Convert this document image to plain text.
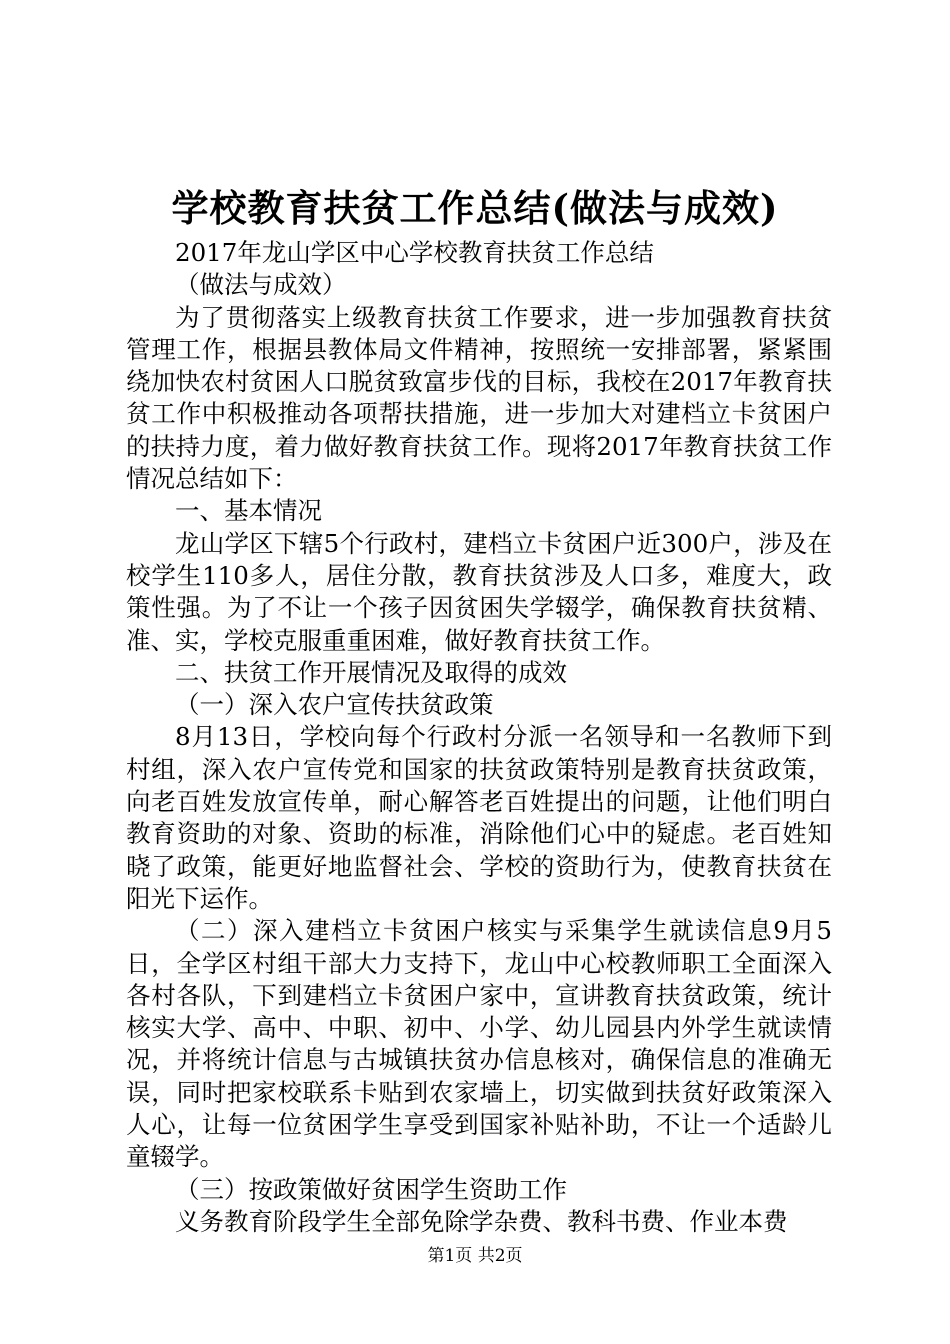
学校教育扶贫工作总结(做法与成效)

2017年龙山学区中心学校教育扶贫工作总结

（做法与成效）

为了贯彻落实上级教育扶贫工作要求，进一步加强教育扶贫管理工作，根据县教体局文件精神，按照统一安排部署，紧紧围绕加快农村贫困人口脱贫致富步伐的目标，我校在2017年教育扶贫工作中积极推动各项帮扶措施，进一步加大对建档立卡贫困户的扶持力度，着力做好教育扶贫工作。现将2017年教育扶贫工作情况总结如下：

一、基本情况

龙山学区下辖5个行政村，建档立卡贫困户近300户，涉及在校学生110多人，居住分散，教育扶贫涉及人口多，难度大，政策性强。为了不让一个孩子因贫困失学辍学，确保教育扶贫精、准、实，学校克服重重困难，做好教育扶贫工作。

二、扶贫工作开展情况及取得的成效

（一）深入农户宣传扶贫政策

8月13日，学校向每个行政村分派一名领导和一名教师下到村组，深入农户宣传党和国家的扶贫政策特别是教育扶贫政策，向老百姓发放宣传单，耐心解答老百姓提出的问题，让他们明白教育资助的对象、资助的标准，消除他们心中的疑虑。老百姓知晓了政策，能更好地监督社会、学校的资助行为，使教育扶贫在阳光下运作。

（二）深入建档立卡贫困户核实与采集学生就读信息9月5日，全学区村组干部大力支持下，龙山中心校教师职工全面深入各村各队，下到建档立卡贫困户家中，宣讲教育扶贫政策，统计核实大学、高中、中职、初中、小学、幼儿园县内外学生就读情况，并将统计信息与古城镇扶贫办信息核对，确保信息的准确无误，同时把家校联系卡贴到农家墙上，切实做到扶贫好政策深入人心，让每一位贫困学生享受到国家补贴补助，不让一个适龄儿童辍学。

（三）按政策做好贫困学生资助工作

义务教育阶段学生全部免除学杂费、教科书费、作业本费

第1页 共2页
